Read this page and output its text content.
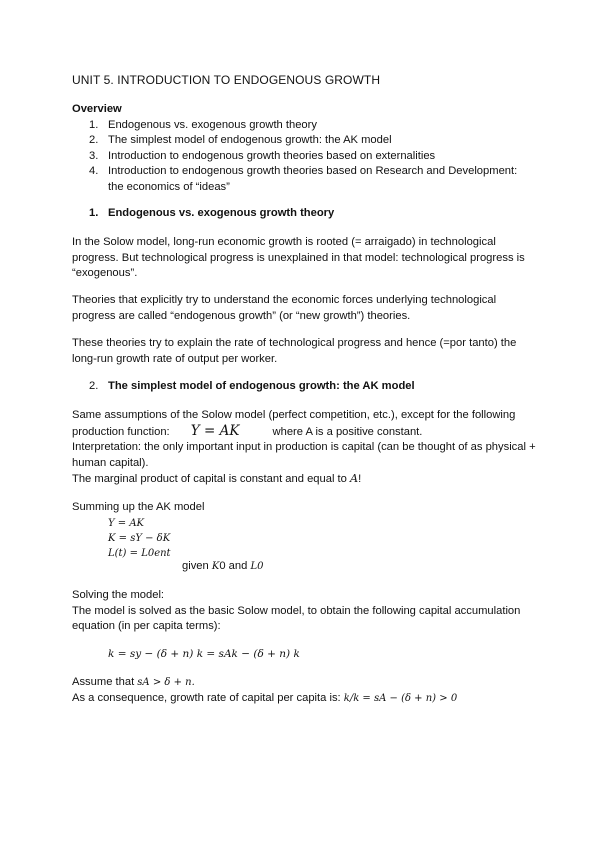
UNIT 5. INTRODUCTION TO ENDOGENOUS GROWTH
Overview
1. Endogenous vs. exogenous growth theory
2. The simplest model of endogenous growth: the AK model
3. Introduction to endogenous growth theories based on externalities
4. Introduction to endogenous growth theories based on Research and Development: the economics of “ideas”
1. Endogenous vs. exogenous growth theory
In the Solow model, long-run economic growth is rooted (= arraigado) in technological progress. But technological progress is unexplained in that model: technological progress is “exogenous”.
Theories that explicitly try to understand the economic forces underlying technological progress are called “endogenous growth” (or “new growth”) theories.
These theories try to explain the rate of technological progress and hence (=por tanto) the long-run growth rate of output per worker.
2. The simplest model of endogenous growth: the AK model
Same assumptions of the Solow model (perfect competition, etc.), except for the following
production function: Y = AK	where A is a positive constant.
Interpretation: the only important input in production is capital (can be thought of as physical + human capital).
The marginal product of capital is constant and equal to A!
Summing up the AK model
Y = AK
K = sY − δK
L(t) = L0ent
given K0 and L0
Solving the model:
The model is solved as the basic Solow model, to obtain the following capital accumulation equation (in per capita terms):
k = sy − (δ + n) k = sAk − (δ + n) k
Assume that sA > δ + n.
As a consequence, growth rate of capital per capita is: k/k = sA − (δ + n) > 0
